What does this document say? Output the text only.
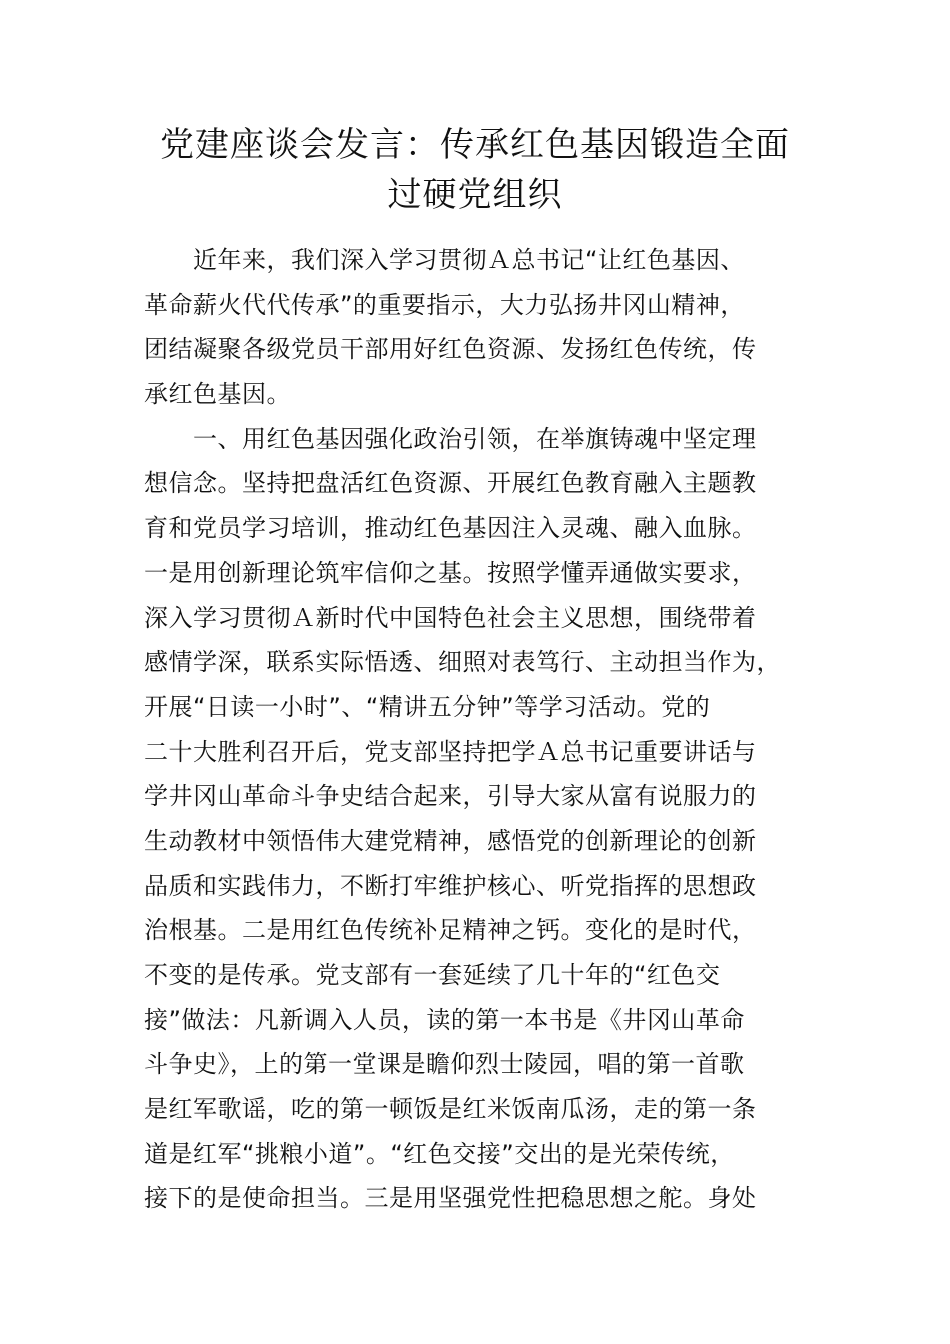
党建座谈会发言：传承红色基因锻造全面
过硬党组织
　　近年来，我们深入学习贯彻Ａ总书记“让红色基因、
革命薪火代代传承”的重要指示，大力弘扬井冈山精神，
团结凝聚各级党员干部用好红色资源、发扬红色传统，传
承红色基因。
　　一、用红色基因强化政治引领，在举旗铸魂中坚定理
想信念。坚持把盘活红色资源、开展红色教育融入主题教
育和党员学习培训，推动红色基因注入灵魂、融入血脉。
一是用创新理论筑牢信仰之基。按照学懂弄通做实要求，
深入学习贯彻Ａ新时代中国特色社会主义思想，围绕带着
感情学深，联系实际悟透、细照对表笃行、主动担当作为，
开展“日读一小时”、“精讲五分钟”等学习活动。党的
二十大胜利召开后，党支部坚持把学Ａ总书记重要讲话与
学井冈山革命斗争史结合起来，引导大家从富有说服力的
生动教材中领悟伟大建党精神，感悟党的创新理论的创新
品质和实践伟力，不断打牢维护核心、听党指挥的思想政
治根基。二是用红色传统补足精神之钙。变化的是时代，
不变的是传承。党支部有一套延续了几十年的“红色交
接”做法：凡新调入人员，读的第一本书是《井冈山革命
斗争史》，上的第一堂课是瞻仰烈士陵园，唱的第一首歌
是红军歌谣，吃的第一顿饭是红米饭南瓜汤，走的第一条
道是红军“挑粮小道”。“红色交接”交出的是光荣传统，
接下的是使命担当。三是用坚强党性把稳思想之舵。身处
